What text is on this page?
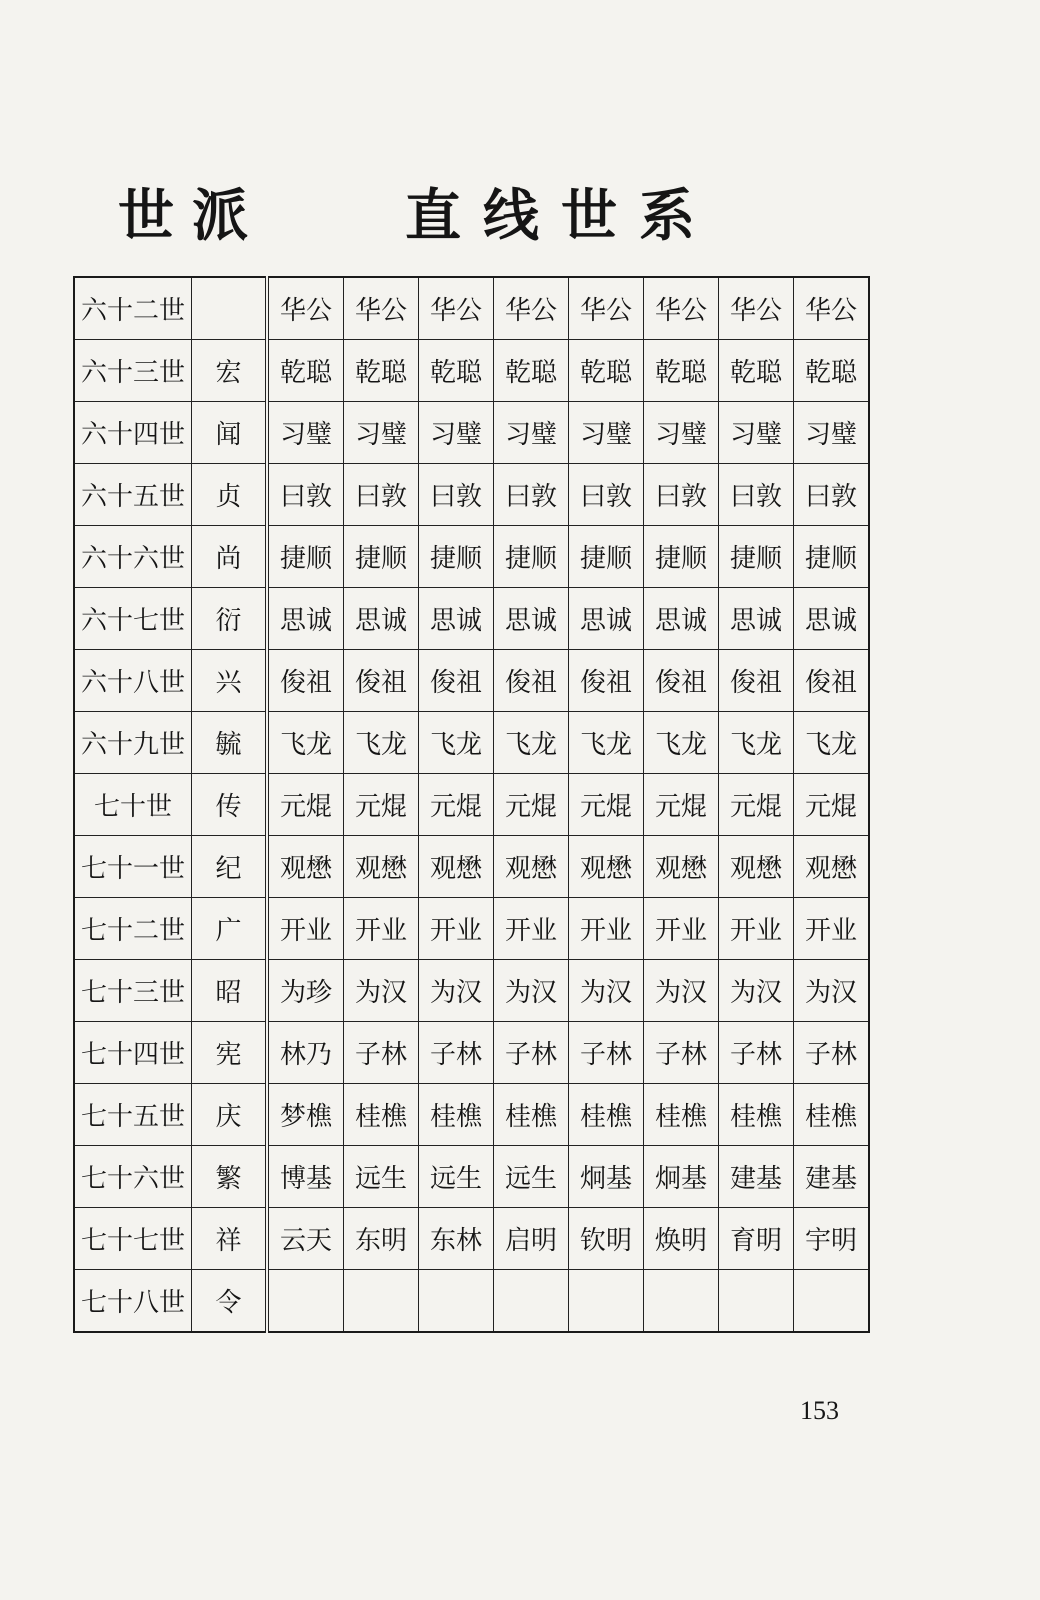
世派 直线世系
六十二世		华公	华公	华公	华公	华公	华公	华公	华公
六十三世	宏	乾聪	乾聪	乾聪	乾聪	乾聪	乾聪	乾聪	乾聪
六十四世	闻	习璧	习璧	习璧	习璧	习璧	习璧	习璧	习璧
六十五世	贞	曰敦	曰敦	曰敦	曰敦	曰敦	曰敦	曰敦	曰敦
六十六世	尚	捷顺	捷顺	捷顺	捷顺	捷顺	捷顺	捷顺	捷顺
六十七世	衍	思诚	思诚	思诚	思诚	思诚	思诚	思诚	思诚
六十八世	兴	俊祖	俊祖	俊祖	俊祖	俊祖	俊祖	俊祖	俊祖
六十九世	毓	飞龙	飞龙	飞龙	飞龙	飞龙	飞龙	飞龙	飞龙
七十世	传	元焜	元焜	元焜	元焜	元焜	元焜	元焜	元焜
七十一世	纪	观懋	观懋	观懋	观懋	观懋	观懋	观懋	观懋
七十二世	广	开业	开业	开业	开业	开业	开业	开业	开业
七十三世	昭	为珍	为汉	为汉	为汉	为汉	为汉	为汉	为汉
七十四世	宪	林乃	子林	子林	子林	子林	子林	子林	子林
七十五世	庆	梦樵	桂樵	桂樵	桂樵	桂樵	桂樵	桂樵	桂樵
七十六世	繁	博基	远生	远生	远生	炯基	炯基	建基	建基
七十七世	祥	云天	东明	东林	启明	钦明	焕明	育明	宇明
七十八世	令								
153
